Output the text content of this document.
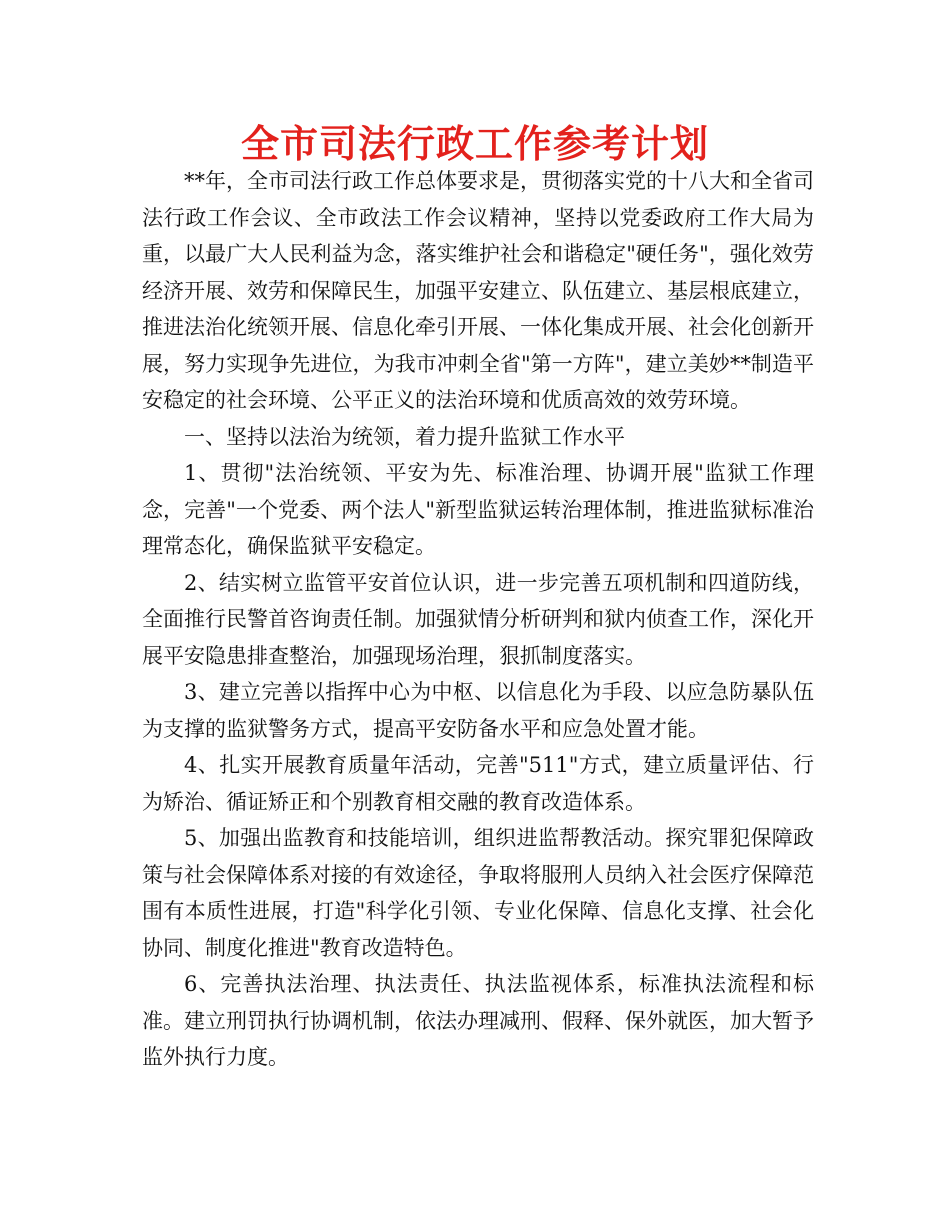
全市司法行政工作参考计划

**年，全市司法行政工作总体要求是，贯彻落实党的十八大和全省司法行政工作会议、全市政法工作会议精神，坚持以党委政府工作大局为重，以最广大人民利益为念，落实维护社会和谐稳定"硬任务"，强化效劳经济开展、效劳和保障民生，加强平安建立、队伍建立、基层根底建立，推进法治化统领开展、信息化牵引开展、一体化集成开展、社会化创新开展，努力实现争先进位，为我市冲刺全省"第一方阵"，建立美妙**制造平安稳定的社会环境、公平正义的法治环境和优质高效的效劳环境。

一、坚持以法治为统领，着力提升监狱工作水平

1、贯彻"法治统领、平安为先、标准治理、协调开展"监狱工作理念，完善"一个党委、两个法人"新型监狱运转治理体制，推进监狱标准治理常态化，确保监狱平安稳定。

2、结实树立监管平安首位认识，进一步完善五项机制和四道防线，全面推行民警首咨询责任制。加强狱情分析研判和狱内侦查工作，深化开展平安隐患排查整治，加强现场治理，狠抓制度落实。

3、建立完善以指挥中心为中枢、以信息化为手段、以应急防暴队伍为支撑的监狱警务方式，提高平安防备水平和应急处置才能。

4、扎实开展教育质量年活动，完善"511"方式，建立质量评估、行为矫治、循证矫正和个别教育相交融的教育改造体系。

5、加强出监教育和技能培训，组织进监帮教活动。探究罪犯保障政策与社会保障体系对接的有效途径，争取将服刑人员纳入社会医疗保障范围有本质性进展，打造"科学化引领、专业化保障、信息化支撑、社会化协同、制度化推进"教育改造特色。

6、完善执法治理、执法责任、执法监视体系，标准执法流程和标准。建立刑罚执行协调机制，依法办理减刑、假释、保外就医，加大暂予监外执行力度。
